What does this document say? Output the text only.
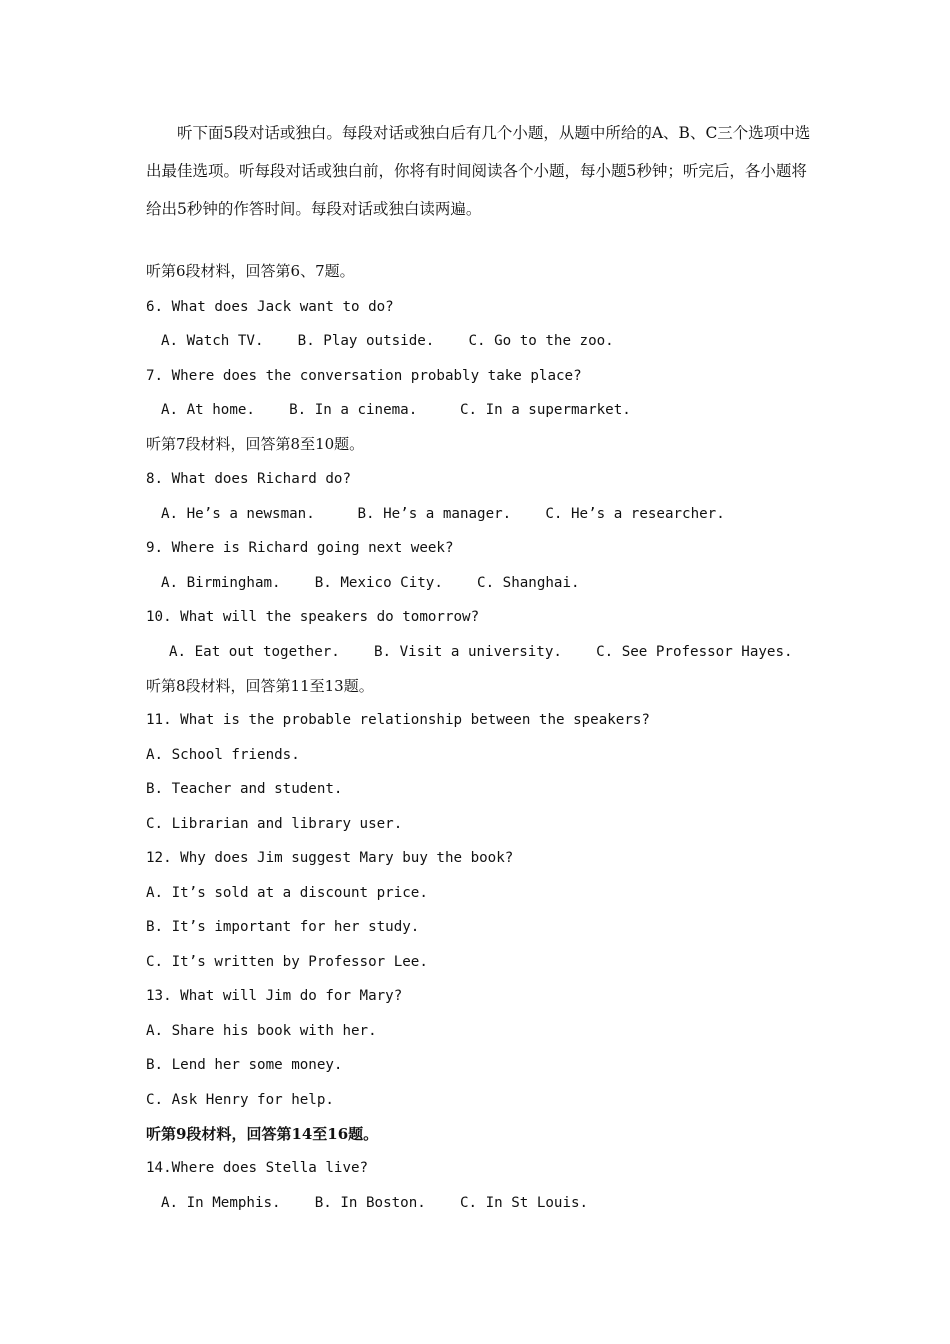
听下面5段对话或独白。每段对话或独白后有几个小题，从题中所给的A、B、C三个选项中选出最佳选项。听每段对话或独白前，你将有时间阅读各个小题，每小题5秒钟；听完后，各小题将给出5秒钟的作答时间。每段对话或独白读两遍。

听第6段材料，回答第6、7题。
6. What does Jack want to do?
A. Watch TV.    B. Play outside.    C. Go to the zoo.
7. Where does the conversation probably take place?
A. At home.    B. In a cinema.     C. In a supermarket.
听第7段材料，回答第8至10题。
8. What does Richard do?
A. He’s a newsman.     B. He’s a manager.    C. He’s a researcher.
9. Where is Richard going next week?
A. Birmingham.    B. Mexico City.    C. Shanghai.
10. What will the speakers do tomorrow?
A. Eat out together.    B. Visit a university.    C. See Professor Hayes.
听第8段材料，回答第11至13题。
11. What is the probable relationship between the speakers?
A. School friends.
B. Teacher and student.
C. Librarian and library user.
12. Why does Jim suggest Mary buy the book?
A. It’s sold at a discount price.
B. It’s important for her study.
C. It’s written by Professor Lee.
13. What will Jim do for Mary?
A. Share his book with her.
B. Lend her some money.
C. Ask Henry for help.
听第9段材料，回答第14至16题。
14.Where does Stella live?
A. In Memphis.    B. In Boston.    C. In St Louis.
